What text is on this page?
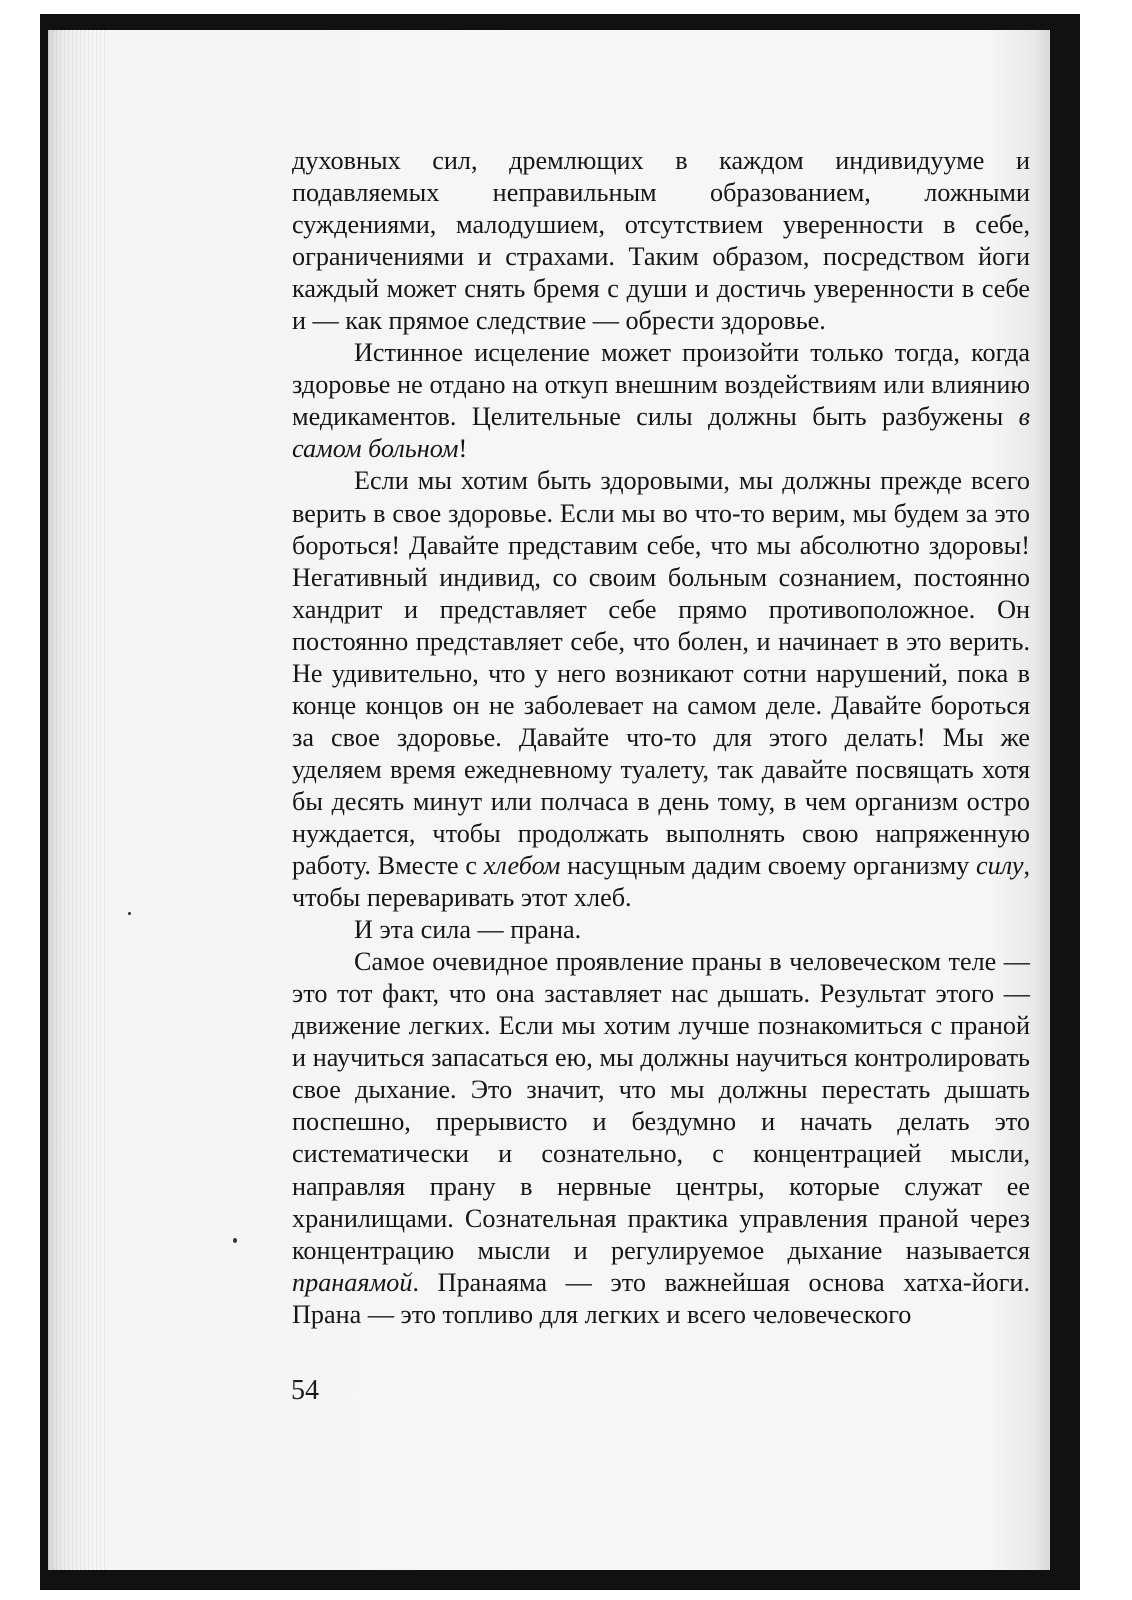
духовных сил, дремлющих в каждом индивидууме и подавляемых неправильным образованием, ложными суждениями, малодушием, отсутствием уверенности в себе, ограничениями и страхами. Таким образом, посредством йоги каждый может снять бремя с души и достичь уверенности в себе и — как прямое следствие — обрести здоровье.

Истинное исцеление может произойти только тогда, когда здоровье не отдано на откуп внешним воздействиям или влиянию медикаментов. Целительные силы должны быть разбужены в самом больном!

Если мы хотим быть здоровыми, мы должны прежде всего верить в свое здоровье. Если мы во что-то верим, мы будем за это бороться! Давайте представим себе, что мы абсолютно здоровы! Негативный индивид, со своим больным сознанием, постоянно хандрит и представляет себе прямо противоположное. Он постоянно представляет себе, что болен, и начинает в это верить. Не удивительно, что у него возникают сотни нарушений, пока в конце концов он не заболевает на самом деле. Давайте бороться за свое здоровье. Давайте что-то для этого делать! Мы же уделяем время ежедневному туалету, так давайте посвящать хотя бы десять минут или полчаса в день тому, в чем организм остро нуждается, чтобы продолжать выполнять свою напряженную работу. Вместе с хлебом насущным дадим своему организму силу, чтобы переваривать этот хлеб.

И эта сила — прана.

Самое очевидное проявление праны в человеческом теле — это тот факт, что она заставляет нас дышать. Результат этого — движение легких. Если мы хотим лучше познакомиться с праной и научиться запасаться ею, мы должны научиться контролировать свое дыхание. Это значит, что мы должны перестать дышать поспешно, прерывисто и бездумно и начать делать это систематически и сознательно, с концентрацией мысли, направляя прану в нервные центры, которые служат ее хранилищами. Сознательная практика управления праной через концентрацию мысли и регулируемое дыхание называется пранаямой. Пранаяма — это важнейшая основа хатха-йоги. Прана — это топливо для легких и всего человеческого

54
